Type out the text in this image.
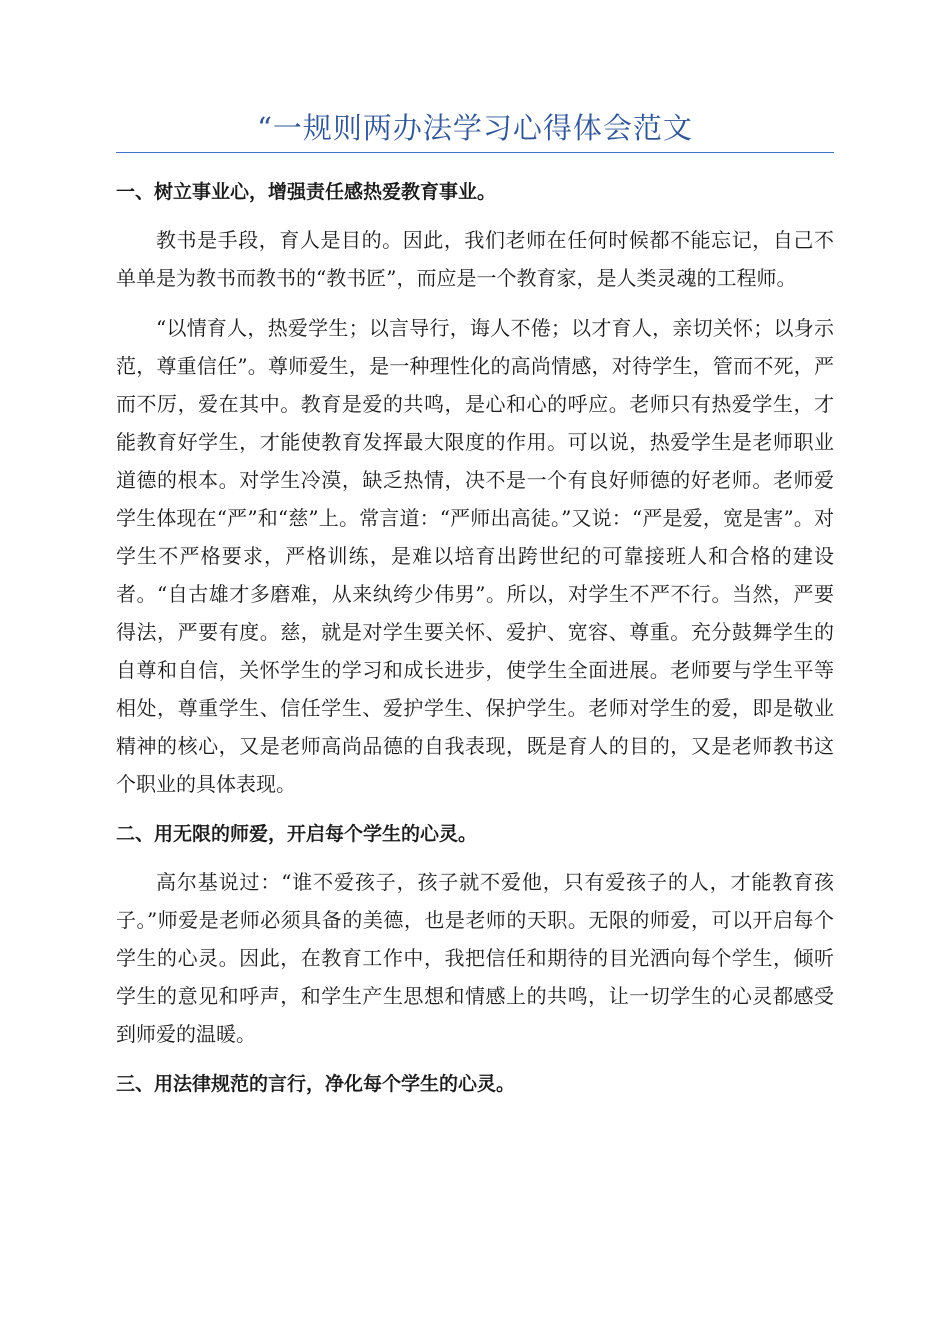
“一规则两办法学习心得体会范文

一、树立事业心，增强责任感热爱教育事业。

教书是手段，育人是目的。因此，我们老师在任何时候都不能忘记，自己不单单是为教书而教书的“教书匠”，而应是一个教育家，是人类灵魂的工程师。

“以情育人，热爱学生；以言导行，诲人不倦；以才育人，亲切关怀；以身示范，尊重信任”。尊师爱生，是一种理性化的高尚情感，对待学生，管而不死，严而不厉，爱在其中。教育是爱的共鸣，是心和心的呼应。老师只有热爱学生，才能教育好学生，才能使教育发挥最大限度的作用。可以说，热爱学生是老师职业道德的根本。对学生冷漠，缺乏热情，决不是一个有良好师德的好老师。老师爱学生体现在“严”和“慈”上。常言道：“严师出高徒。”又说：“严是爱，宽是害”。对学生不严格要求，严格训练，是难以培育出跨世纪的可靠接班人和合格的建设者。“自古雄才多磨难，从来纨绔少伟男”。所以，对学生不严不行。当然，严要得法，严要有度。慈，就是对学生要关怀、爱护、宽容、尊重。充分鼓舞学生的自尊和自信，关怀学生的学习和成长进步，使学生全面进展。老师要与学生平等相处，尊重学生、信任学生、爱护学生、保护学生。老师对学生的爱，即是敬业精神的核心，又是老师高尚品德的自我表现，既是育人的目的，又是老师教书这个职业的具体表现。

二、用无限的师爱，开启每个学生的心灵。

高尔基说过：“谁不爱孩子，孩子就不爱他，只有爱孩子的人，才能教育孩子。”师爱是老师必须具备的美德，也是老师的天职。无限的师爱，可以开启每个学生的心灵。因此，在教育工作中，我把信任和期待的目光洒向每个学生，倾听学生的意见和呼声，和学生产生思想和情感上的共鸣，让一切学生的心灵都感受到师爱的温暖。

三、用法律规范的言行，净化每个学生的心灵。
